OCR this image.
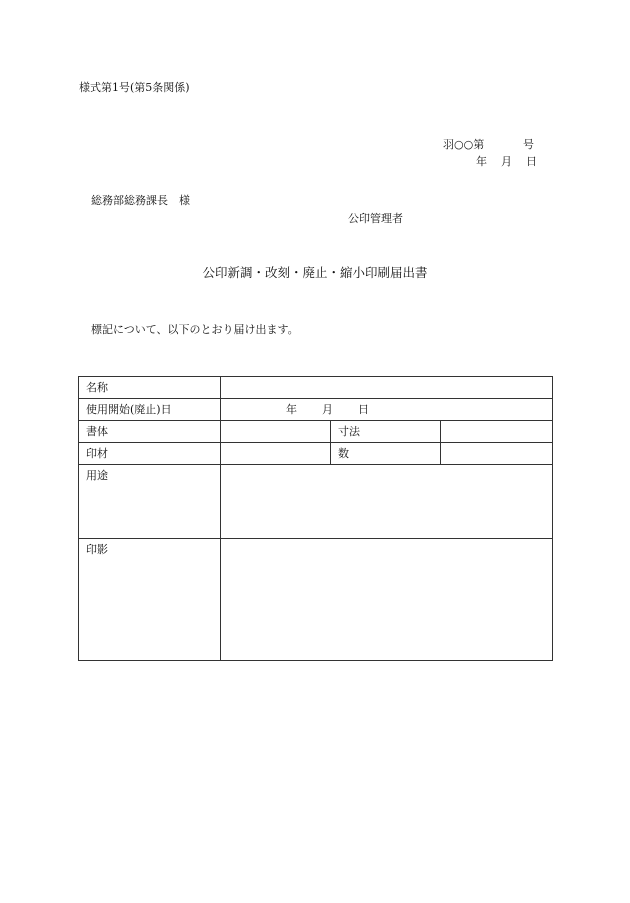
様式第1号(第5条関係)
羽○○第	号
年 月 日
総務部総務課長　様
公印管理者
公印新調・改刻・廃止・縮小印刷届出書
標記について、以下のとおり届け出ます。
名称			
使用開始(廃止)日	年 月 日		
書体		寸法	
印材		数	
用途			
印影			
